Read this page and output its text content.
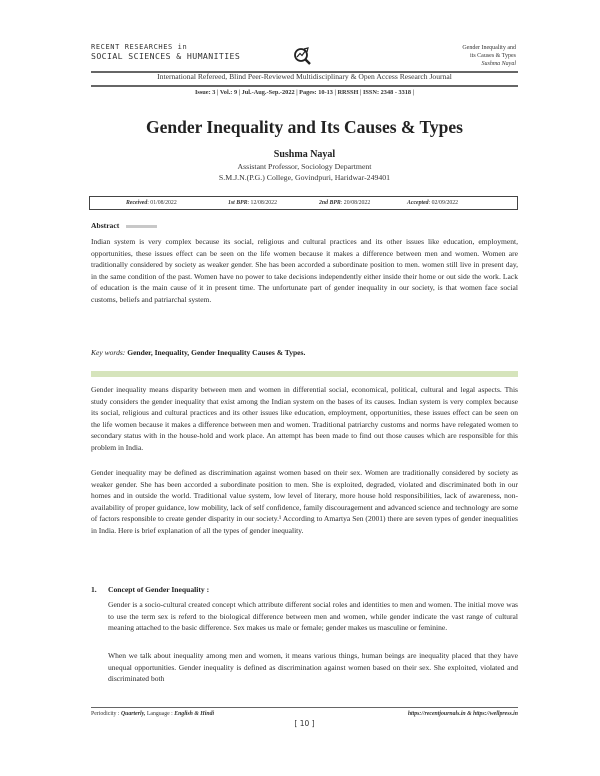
RECENT RESEARCHES in
SOCIAL SCIENCES & HUMANITIES
Gender Inequality and
its Causes & Types
Sushma Nayal
International Refereed, Blind Peer-Reviewed Multidisciplinary & Open Access Research Journal
Issue: 3 | Vol.: 9 | Jul.-Aug.-Sep.-2022 | Pages: 10-13 | RRSSH | ISSN: 2348 - 3318 |
Gender Inequality and Its Causes & Types
Sushma Nayal
Assistant Professor, Sociology Department
S.M.J.N.(P.G.) College, Govindpuri, Haridwar-249401
Received: 01/08/2022	1st BPR: 12/08/2022	2nd BPR: 20/08/2022	Accepted: 02/09/2022
Abstract
Indian system is very complex because its social, religious and cultural practices and its other issues like education, employment, opportunities, these issues effect can be seen on the life women because it makes a difference between men and women. Women are traditionally considered by society as weaker gender. She has been accorded a subordinate position to men. women still live in present day, in the same condition of the past. Women have no power to take decisions independently either inside their home or out side the work. Lack of education is the main cause of it in present time. The unfortunate part of gender inequality in our society, is that women face social customs, beliefs and patriarchal system.
Key words: Gender, Inequality, Gender Inequality Causes & Types.
Gender inequality means disparity between men and women in differential social, economical, political, cultural and legal aspects. This study considers the gender inequality that exist among the Indian system on the bases of its causes. Indian system is very complex because its social, religious and cultural practices and its other issues like education, employment, opportunities, these issues effect can be seen on the life women because it makes a difference between men and women. Traditional patriarchy customs and norms have relegated women to secondary status with in the house-hold and work place. An attempt has been made to find out those causes which are responsible for this problem in India.
Gender inequality may be defined as discrimination against women based on their sex. Women are traditionally considered by society as weaker gender. She has been accorded a subordinate position to men. She is exploited, degraded, violated and discriminated both in our homes and in outside the world. Traditional value system, low level of literary, more house hold responsibilities, lack of awareness, non-availability of proper guidance, low mobility, lack of self confidence, family discouragement and advanced science and technology are some of factors responsible to create gender disparity in our society.¹ According to Amartya Sen (2001) there are seven types of gender inequalities in India. Here is brief explanation of all the types of gender inequality.
1. Concept of Gender Inequality :
Gender is a socio-cultural created concept which attribute different social roles and identities to men and women. The initial move was to use the term sex is referd to the biological difference between men and women, while gender indicate the vast range of cultural meaning attached to the basic difference. Sex makes us male or female; gender makes us masculine or feminine.
When we talk about inequality among men and women, it means various things, human beings are inequality placed that they have unequal opportunities. Gender inequality is defined as discrimination against women based on their sex. She exploited, violated and discriminated both
Periodicity : Quarterly, Language : English & Hindi	https://recentjournals.in & https://wellpress.in
[ 10 ]
